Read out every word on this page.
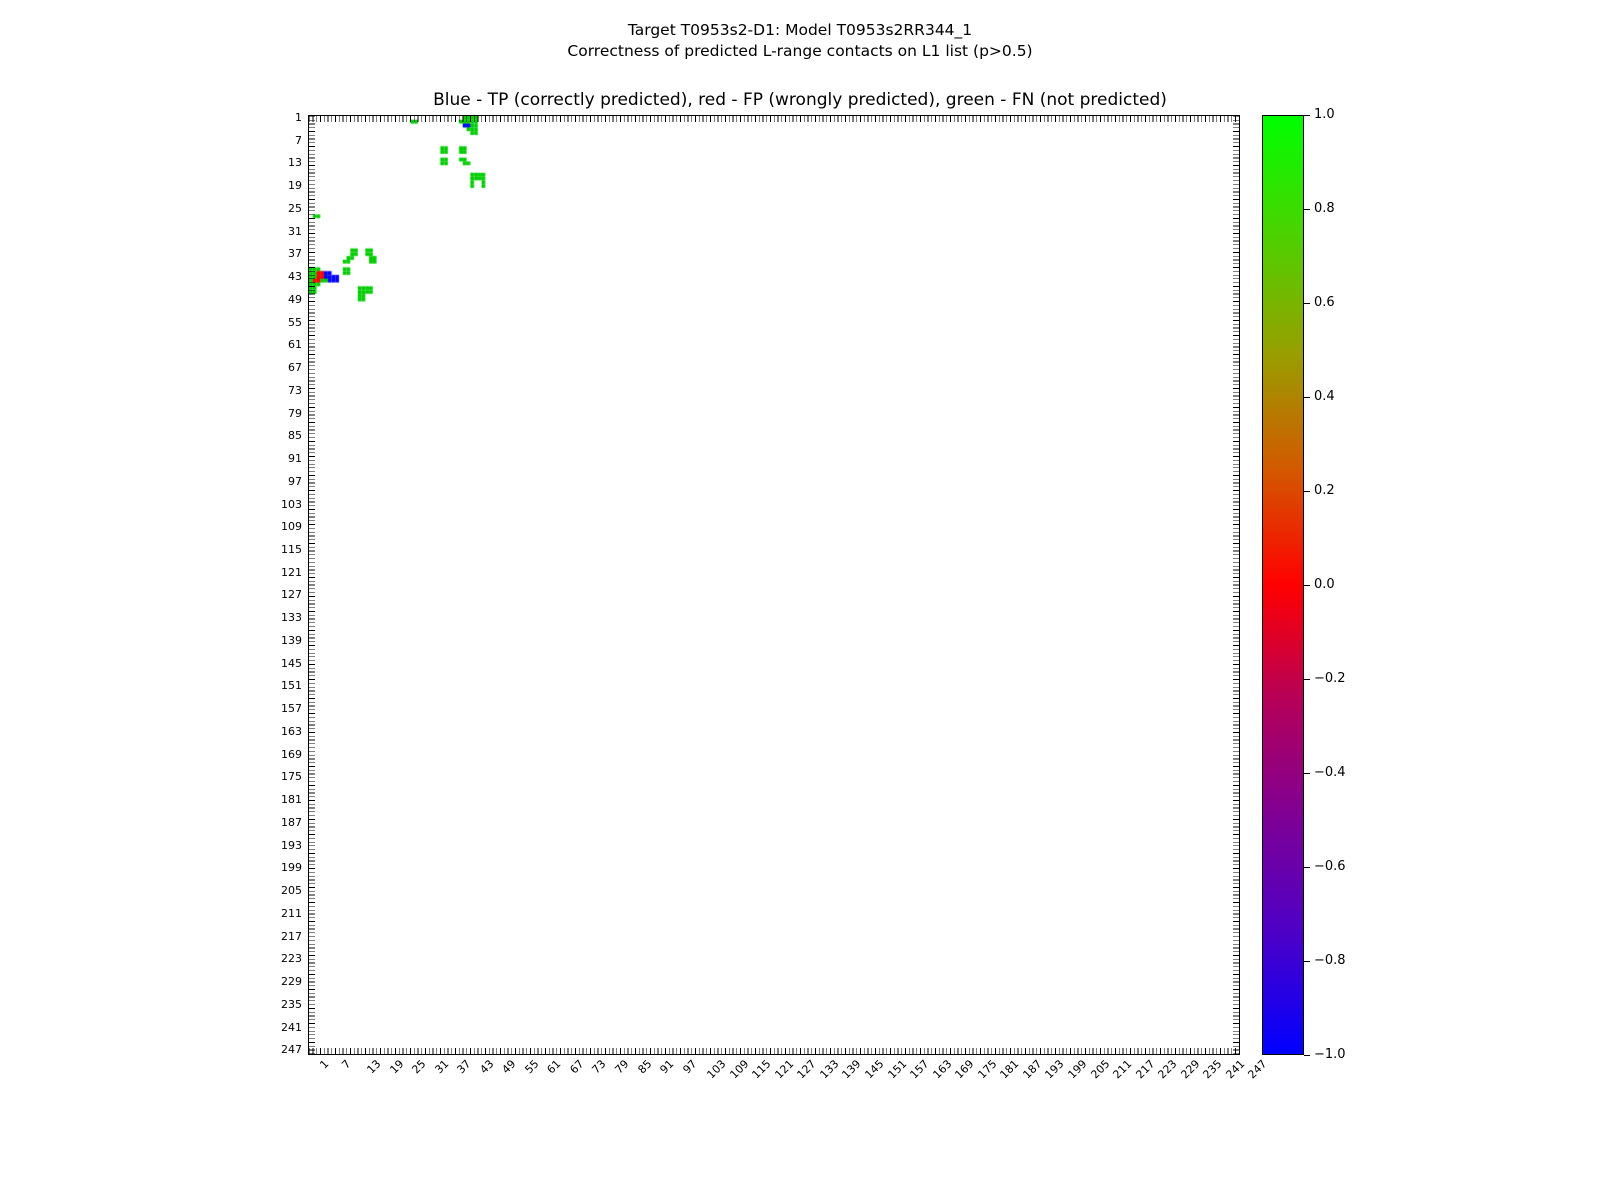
Target T0953s2-D1: Model T0953s2RR344_1
Correctness of predicted L-range contacts on L1 list (p>0.5)
Blue - TP (correctly predicted), red - FP (wrongly predicted), green - FN (not predicted)
1
7
13
19
25
31
37
43
49
55
61
67
73
79
85
91
97
103
109
115
121
127
133
139
145
151
157
163
169
175
181
187
193
199
205
211
217
223
229
235
241
247
1 7 13 19 25 31 37 43 49 55 61 67 73 79 85 91 97 103
109
115
121
127
133
139
145
151
157
163
169
175
181
187
193
199
205
211
217
223
229
235
241
247
1.0
0.8
0.6
0.4
0.2
0.0
−0.2
−0.4
−0.6
−0.8
−1.0
